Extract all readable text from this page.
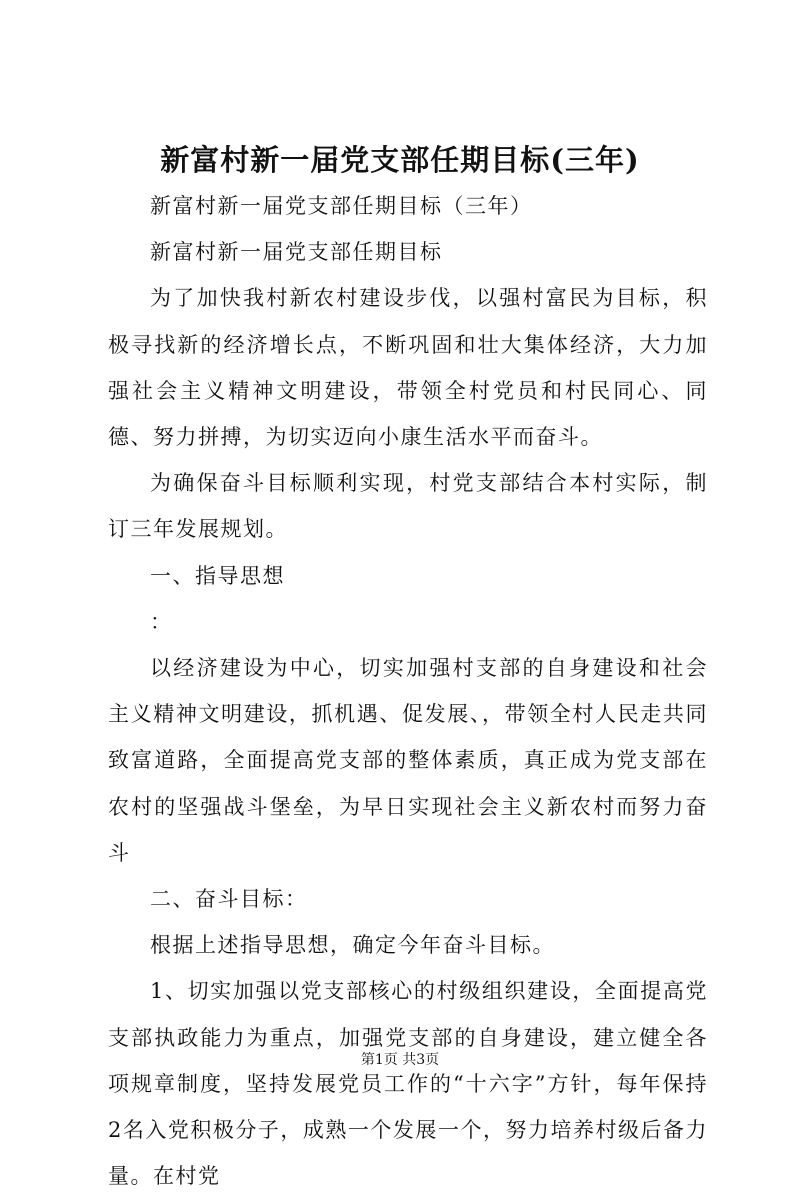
新富村新一届党支部任期目标(三年)

新富村新一届党支部任期目标（三年）

新富村新一届党支部任期目标

为了加快我村新农村建设步伐，以强村富民为目标，积极寻找新的经济增长点，不断巩固和壮大集体经济，大力加强社会主义精神文明建设，带领全村党员和村民同心、同德、努力拼搏，为切实迈向小康生活水平而奋斗。

为确保奋斗目标顺利实现，村党支部结合本村实际，制订三年发展规划。

一、指导思想

：

以经济建设为中心，切实加强村支部的自身建设和社会主义精神文明建设，抓机遇、促发展、，带领全村人民走共同致富道路，全面提高党支部的整体素质，真正成为党支部在农村的坚强战斗堡垒，为早日实现社会主义新农村而努力奋斗

二、奋斗目标：

根据上述指导思想，确定今年奋斗目标。

1、切实加强以党支部核心的村级组织建设，全面提高党支部执政能力为重点，加强党支部的自身建设，建立健全各项规章制度，坚持发展党员工作的“十六字”方针，每年保持2名入党积极分子，成熟一个发展一个，努力培养村级后备力量。在村党

第1页 共3页
